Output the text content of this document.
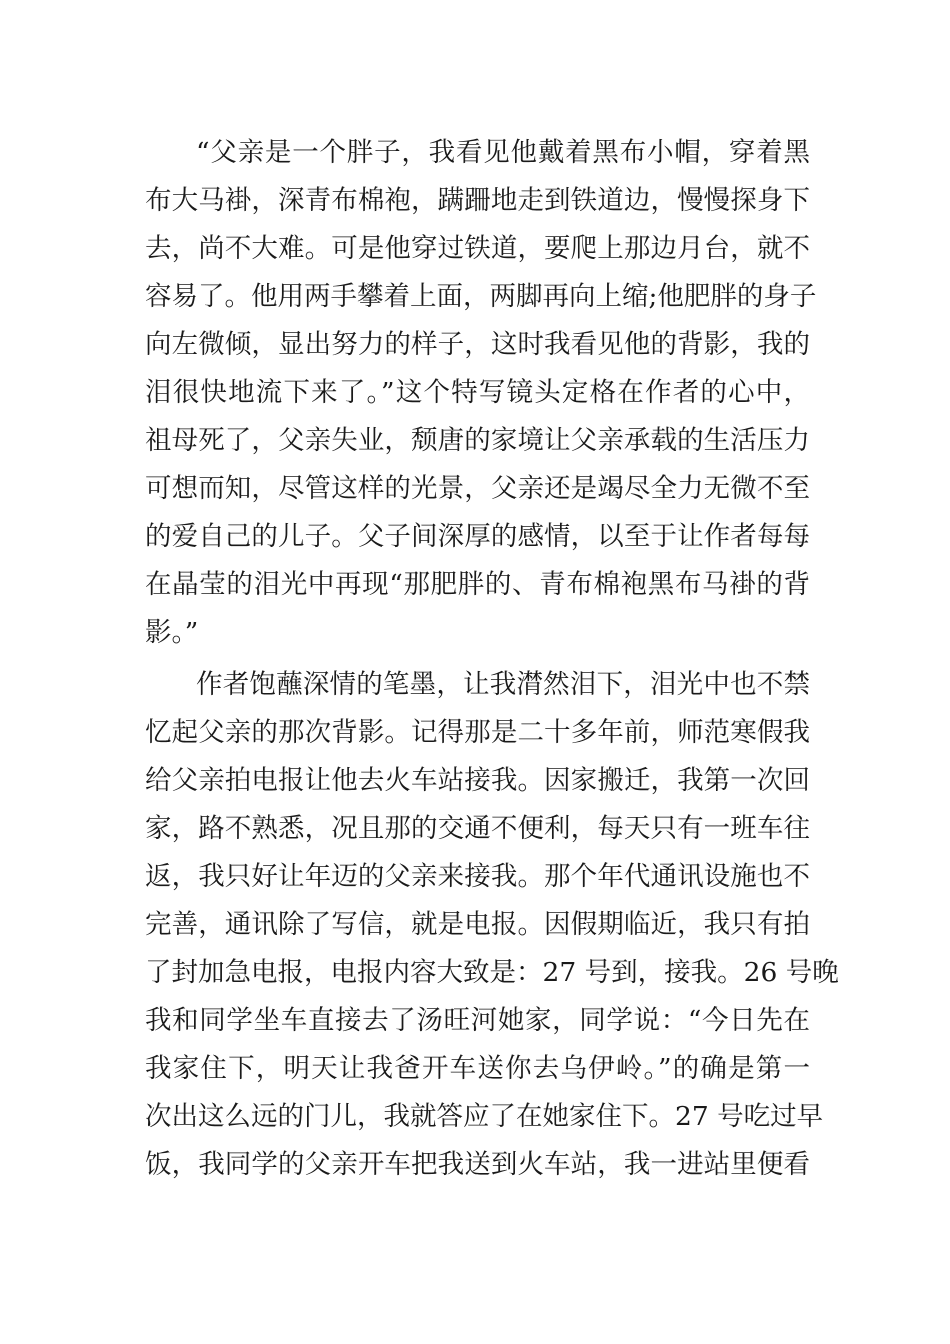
“父亲是一个胖子，我看见他戴着黑布小帽，穿着黑
布大马褂，深青布棉袍，蹒跚地走到铁道边，慢慢探身下
去，尚不大难。可是他穿过铁道，要爬上那边月台，就不
容易了。他用两手攀着上面，两脚再向上缩;他肥胖的身子
向左微倾，显出努力的样子，这时我看见他的背影，我的
泪很快地流下来了。”这个特写镜头定格在作者的心中，
祖母死了，父亲失业，颓唐的家境让父亲承载的生活压力
可想而知，尽管这样的光景，父亲还是竭尽全力无微不至
的爱自己的儿子。父子间深厚的感情，以至于让作者每每
在晶莹的泪光中再现“那肥胖的、青布棉袍黑布马褂的背
影。”
作者饱蘸深情的笔墨，让我潸然泪下，泪光中也不禁
忆起父亲的那次背影。记得那是二十多年前，师范寒假我
给父亲拍电报让他去火车站接我。因家搬迁，我第一次回
家，路不熟悉，况且那的交通不便利，每天只有一班车往
返，我只好让年迈的父亲来接我。那个年代通讯设施也不
完善，通讯除了写信，就是电报。因假期临近，我只有拍
了封加急电报，电报内容大致是：27 号到，接我。26 号晚
我和同学坐车直接去了汤旺河她家，同学说：“今日先在
我家住下，明天让我爸开车送你去乌伊岭。”的确是第一
次出这么远的门儿，我就答应了在她家住下。27 号吃过早
饭，我同学的父亲开车把我送到火车站，我一进站里便看
